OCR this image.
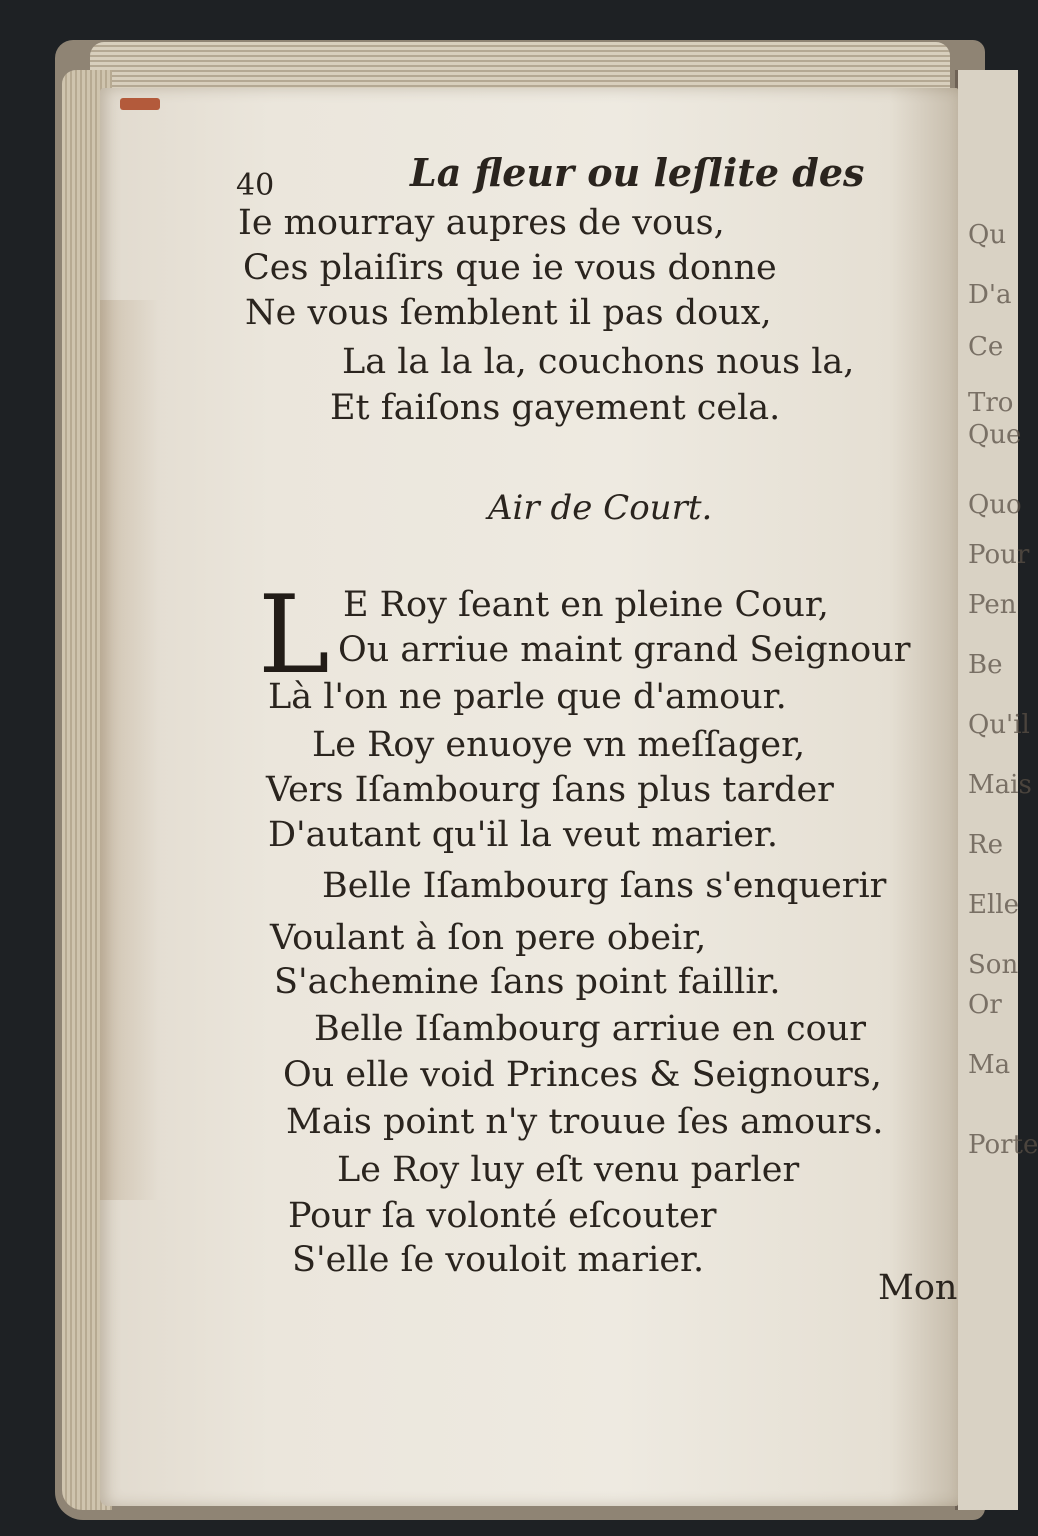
Qu
D'a
Ce
Tro
Que
Quo
Pour
Pen
Be
Qu'il
Mais
Re
Elle
Son
Or
Ma
Porte
40	La fleur ou leſlite des
Ie mourray aupres de vous,
Ces plaiſirs que ie vous donne
Ne vous ſemblent il pas doux,
La la la la, couchons nous la,
Et faiſons gayement cela.
Air de Court.
L E Roy ſeant en pleine Cour,
Ou arriue maint grand Seignour
Là l'on ne parle que d'amour.
Le Roy enuoye vn meſſager,
Vers Iſambourg ſans plus tarder
D'autant qu'il la veut marier.
Belle Iſambourg ſans s'enquerir
Voulant à ſon pere obeir,
S'achemine ſans point faillir.
Belle Iſambourg arriue en cour
Ou elle void Princes & Seignours,
Mais point n'y trouue ſes amours.
Le Roy luy eſt venu parler
Pour ſa volonté eſcouter
S'elle ſe vouloit marier.
Mon
